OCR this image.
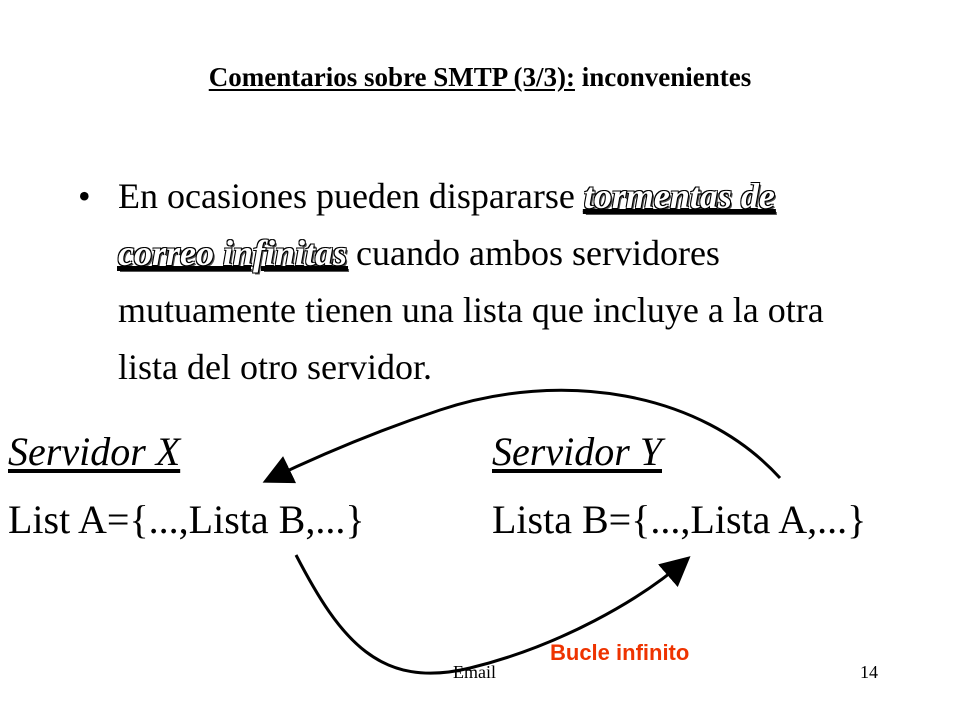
Comentarios sobre SMTP (3/3): inconvenientes
• En ocasiones pueden dispararse tormentas de correo infinitas cuando ambos servidores mutuamente tienen una lista que incluye a la otra lista del otro servidor.
Servidor X	Servidor Y
List A={...,Lista B,...}	Lista B={...,Lista A,...}
Bucle infinito
Email	14
